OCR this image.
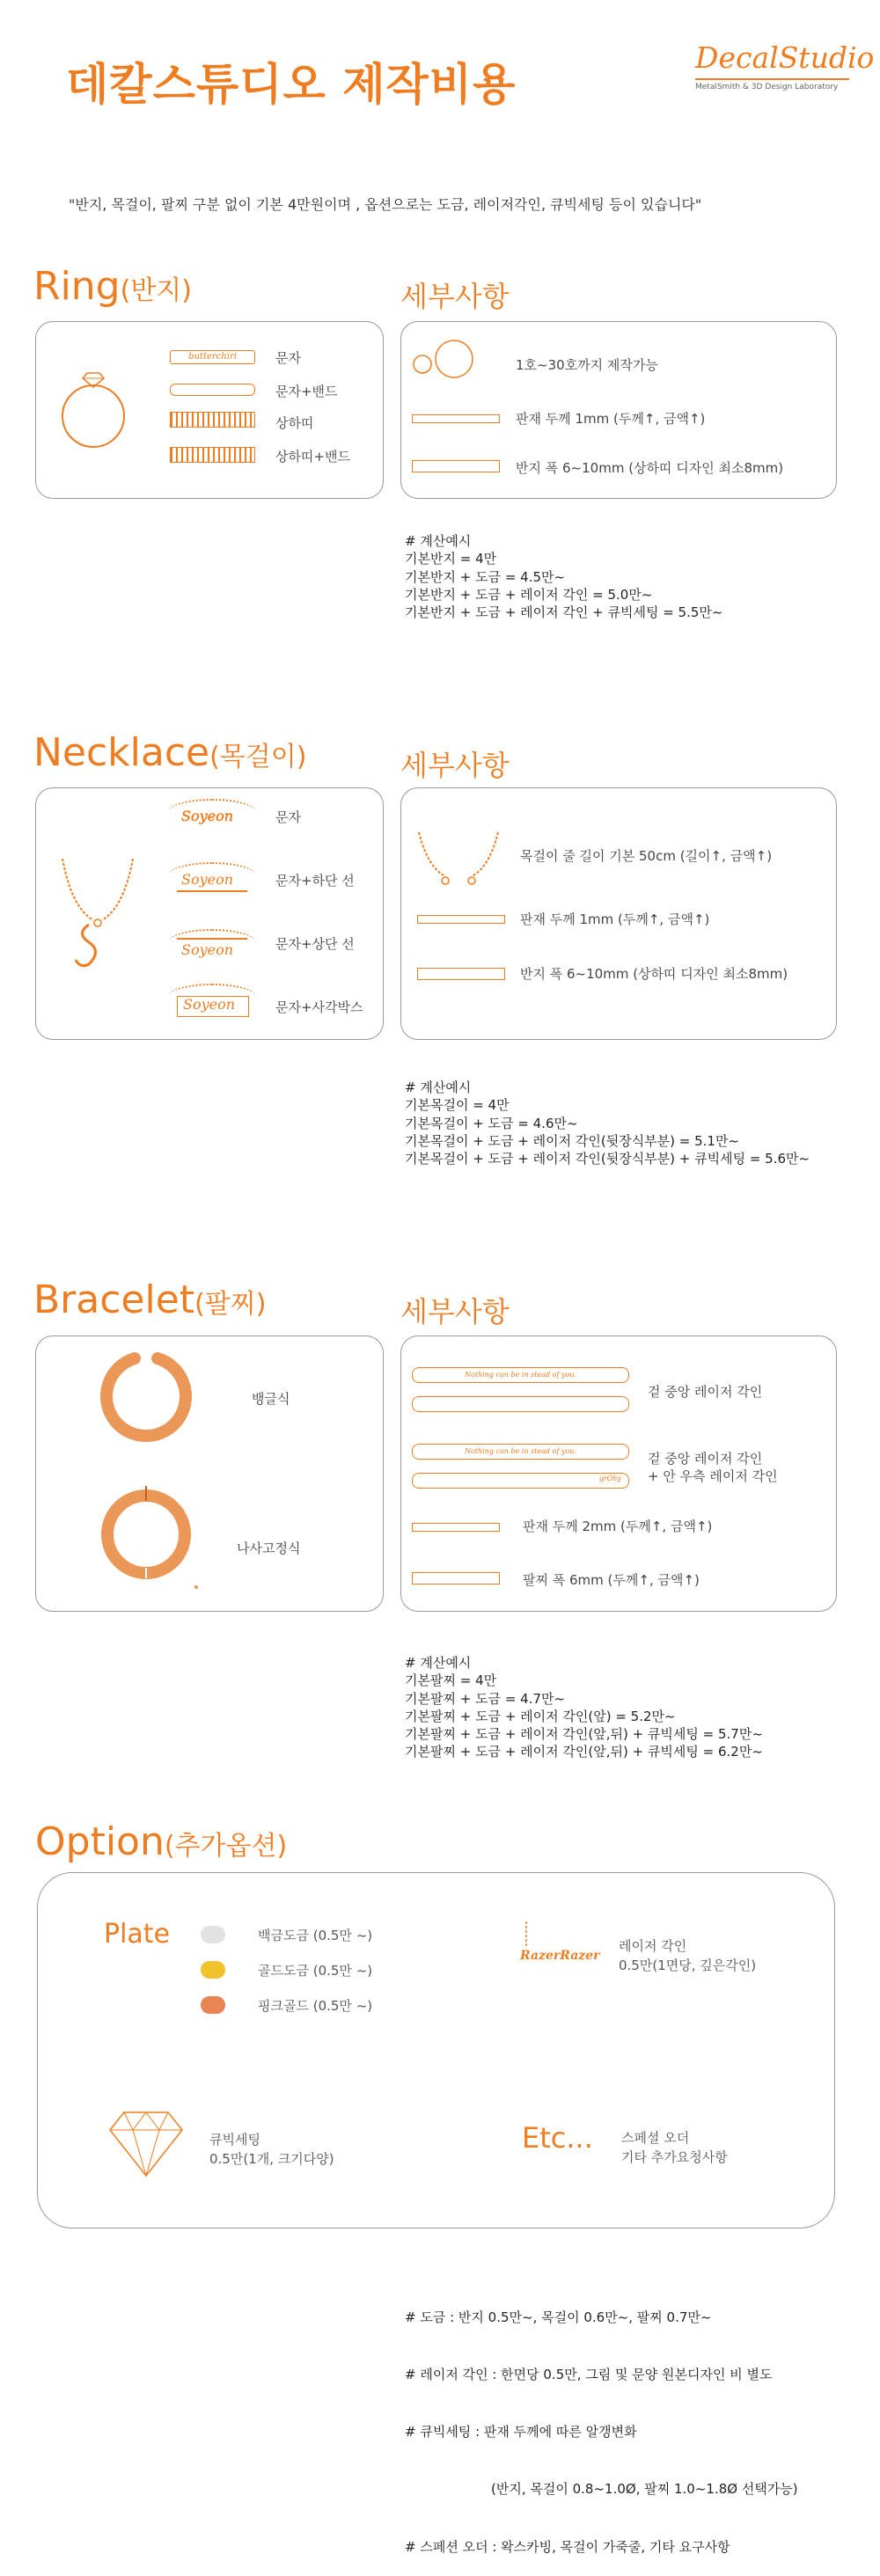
데칼스튜디오 제작비용
DecalStudio
MetalSmith & 3D Design Laboratory
"반지, 목걸이, 팔찌 구분 없이 기본 4만원이며 , 옵션으로는 도금, 레이저각인, 큐빅세팅 등이 있습니다"
Ring(반지)	세부사항
butterchiri	문자
문자+밴드
상하띠
상하띠+밴드
1호~30호까지 제작가능
판재 두께 1mm (두께↑, 금액↑)
반지 폭 6~10mm (상하띠 디자인 최소8mm)
# 계산예시
기본반지 = 4만
기본반지 + 도금 = 4.5만~
기본반지 + 도금 + 레이저 각인 = 5.0만~
기본반지 + 도금 + 레이저 각인 + 큐빅세팅 = 5.5만~
Necklace(목걸이)	세부사항
Soyeon
Soyeon
Soyeon
Soyeon
문자
문자+하단 선
문자+상단 선
문자+사각박스
목걸이 줄 길이 기본 50cm (길이↑, 금액↑)
판재 두께 1mm (두께↑, 금액↑)
반지 폭 6~10mm (상하띠 디자인 최소8mm)
# 계산예시
기본목걸이 = 4만
기본목걸이 + 도금 = 4.6만~
기본목걸이 + 도금 + 레이저 각인(뒷장식부분) = 5.1만~
기본목걸이 + 도금 + 레이저 각인(뒷장식부분) + 큐빅세팅 = 5.6만~
Bracelet(팔찌)	세부사항
뱅글식
나사고정식
Nothing can be in stead of you.
겉 중앙 레이저 각인
Nothing can be in stead of you.
grOhy
겉 중앙 레이저 각인
+ 안 우측 레이저 각인
판재 두께 2mm (두께↑, 금액↑)
팔찌 폭 6mm (두께↑, 금액↑)
# 계산예시
기본팔찌 = 4만
기본팔찌 + 도금 = 4.7만~
기본팔찌 + 도금 + 레이저 각인(앞) = 5.2만~
기본팔찌 + 도금 + 레이저 각인(앞,뒤) + 큐빅세팅 = 5.7만~
기본팔찌 + 도금 + 레이저 각인(앞,뒤) + 큐빅세팅 = 6.2만~
Option(추가옵션)
Plate	백금도금 (0.5만 ~)
골드도금 (0.5만 ~)
핑크골드 (0.5만 ~)
RazerRazer
레이저 각인
0.5만(1면당, 깊은각인)
큐빅세팅
0.5만(1개, 크기다양)
Etc... 스페셜 오더
기타 추가요청사항

# 도금 : 반지 0.5만~, 목걸이 0.6만~, 팔찌 0.7만~

# 레이저 각인 : 한면당 0.5만, 그림 및 문양 원본디자인 비 별도

# 큐빅세팅 : 판재 두께에 따른 알갱변화

(반지, 목걸이 0.8~1.0Ø, 팔찌 1.0~1.8Ø 선택가능)

# 스페션 오더 : 왁스카빙, 목걸이 가죽줄, 기타 요구사항
